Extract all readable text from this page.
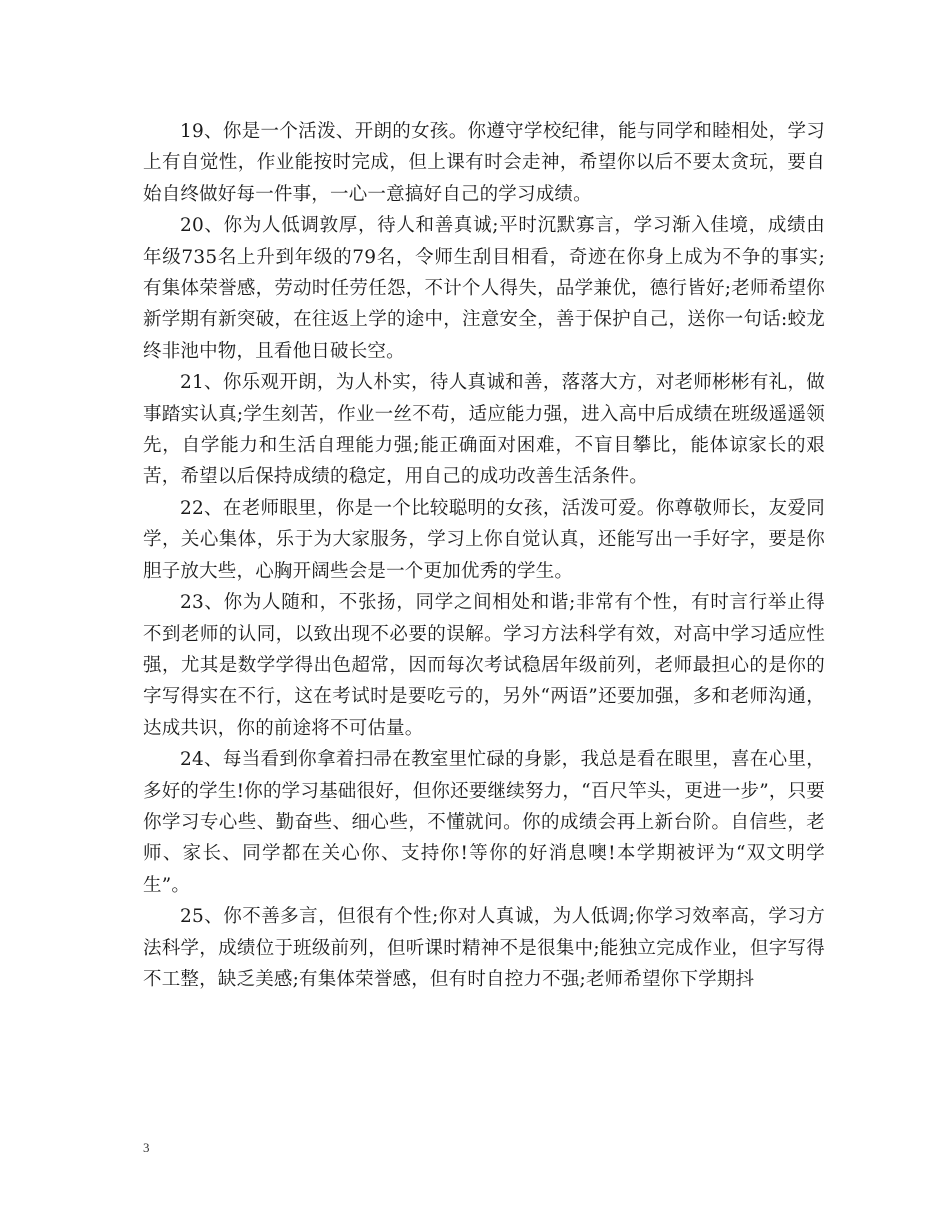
19、你是一个活泼、开朗的女孩。你遵守学校纪律，能与同学和睦相处，学习上有自觉性，作业能按时完成，但上课有时会走神，希望你以后不要太贪玩，要自始自终做好每一件事，一心一意搞好自己的学习成绩。

20、你为人低调敦厚，待人和善真诚;平时沉默寡言，学习渐入佳境，成绩由年级735名上升到年级的79名，令师生刮目相看，奇迹在你身上成为不争的事实;有集体荣誉感，劳动时任劳任怨，不计个人得失，品学兼优，德行皆好;老师希望你新学期有新突破，在往返上学的途中，注意安全，善于保护自己，送你一句话:蛟龙终非池中物，且看他日破长空。

21、你乐观开朗，为人朴实，待人真诚和善，落落大方，对老师彬彬有礼，做事踏实认真;学生刻苦，作业一丝不苟，适应能力强，进入高中后成绩在班级遥遥领先，自学能力和生活自理能力强;能正确面对困难，不盲目攀比，能体谅家长的艰苦，希望以后保持成绩的稳定，用自己的成功改善生活条件。

22、在老师眼里，你是一个比较聪明的女孩，活泼可爱。你尊敬师长，友爱同学，关心集体，乐于为大家服务，学习上你自觉认真，还能写出一手好字，要是你胆子放大些，心胸开阔些会是一个更加优秀的学生。

23、你为人随和，不张扬，同学之间相处和谐;非常有个性，有时言行举止得不到老师的认同，以致出现不必要的误解。学习方法科学有效，对高中学习适应性强，尤其是数学学得出色超常，因而每次考试稳居年级前列，老师最担心的是你的字写得实在不行，这在考试时是要吃亏的，另外“两语”还要加强，多和老师沟通，达成共识，你的前途将不可估量。

24、每当看到你拿着扫帚在教室里忙碌的身影，我总是看在眼里，喜在心里，多好的学生!你的学习基础很好，但你还要继续努力，“百尺竿头，更进一步”，只要你学习专心些、勤奋些、细心些，不懂就问。你的成绩会再上新台阶。自信些，老师、家长、同学都在关心你、支持你!等你的好消息噢!本学期被评为“双文明学生”。

25、你不善多言，但很有个性;你对人真诚，为人低调;你学习效率高，学习方法科学，成绩位于班级前列，但听课时精神不是很集中;能独立完成作业，但字写得不工整，缺乏美感;有集体荣誉感，但有时自控力不强;老师希望你下学期抖

3
